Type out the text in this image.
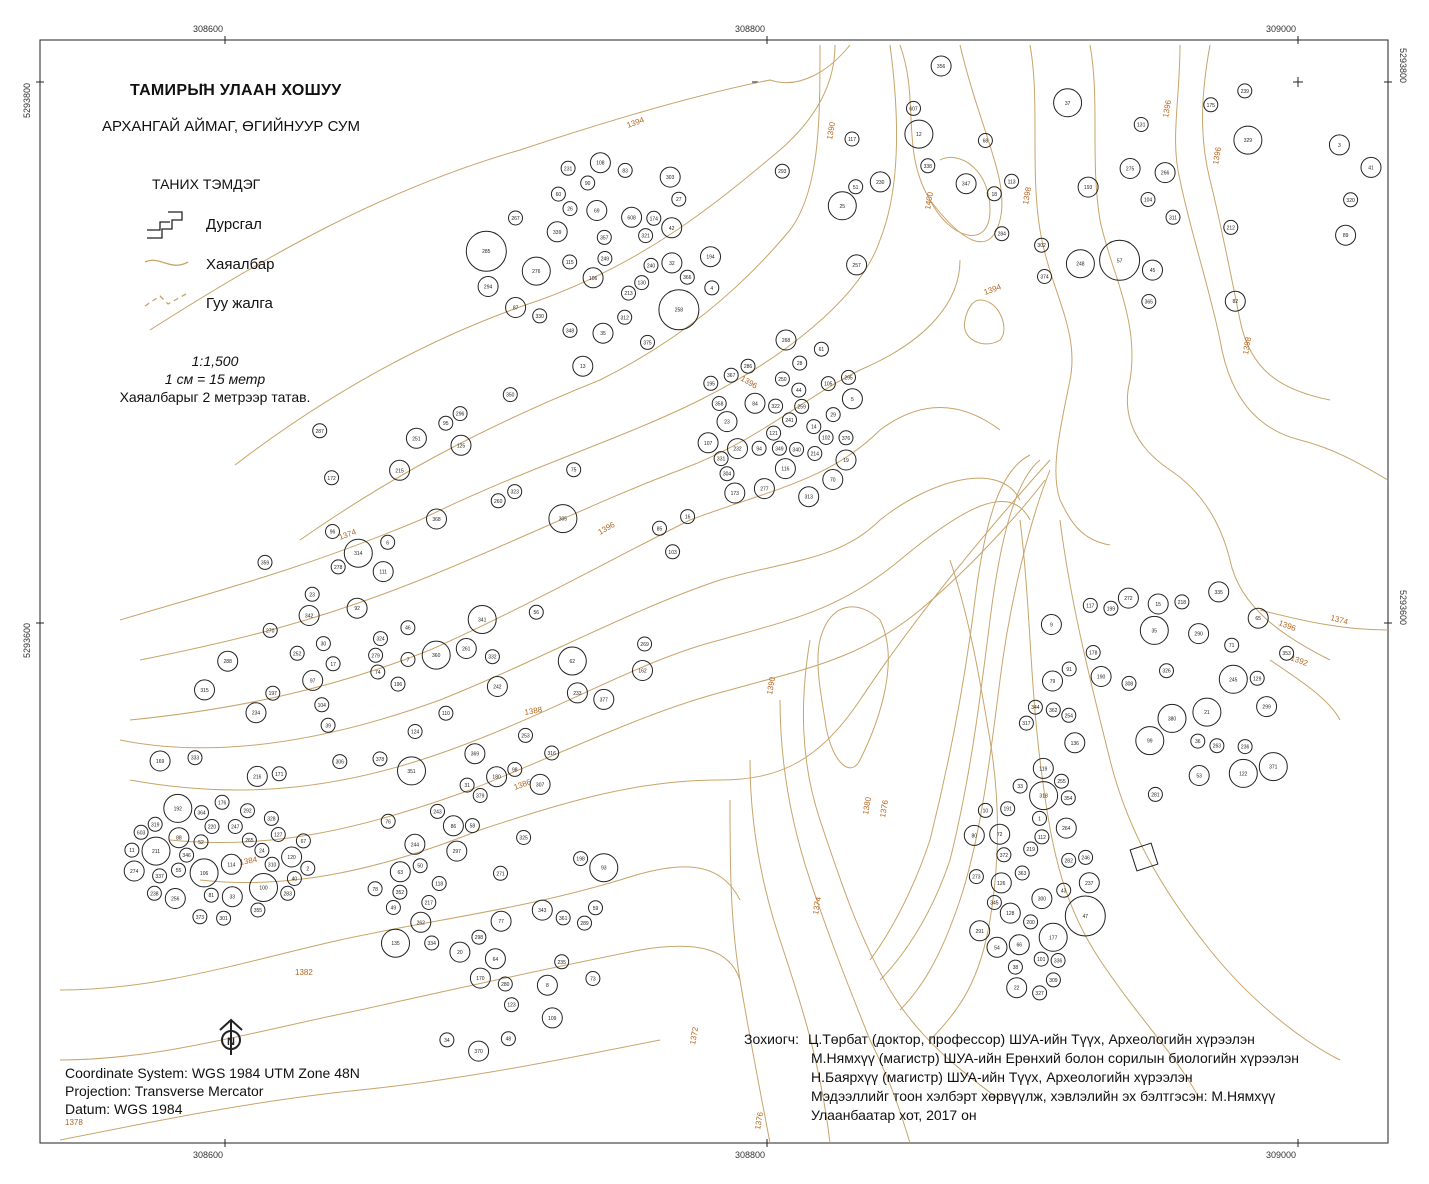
1394	1390
1400	1398
1394
1396
1396
1398
1396
1396
1396
1392
1390
1388
1386
1384
1382
1380 1376
1374
1372
1376
1378
1374
1374
51
35
19
92
39
48
91
47
100
45
26
29
96
74
73
71
72
52
18
87
23
23
78
93
15
43
33
37
32
107
111
110
109
117
112
114
113
115
116
56
58
59
35
33
106
104
106
105
162
169
135
136
119
120
117
108
102
103
104
118
129
128
127
131
130
121
125
124
123
122
126
81
82
83
84
85
86
180
178
177
176
175
174
173
172
171
170
190
191
192
193
194
195
196
197
198
199
200
211
212
213
214
215
216
217
218
219
220
230
231
232
233
234
235
236
237
238
239
240
241
242
243
244
245
246
247
248
249
250
251
252
253
254
255
256
257
258
259
260
261
262
263
264
265
266
267
268
269
270
271
272
273
274
275
276
277
278
279
280
281
282
283
284
285
286
287
288
289
290
291
292
293
294
295
296
297
298
299
300
301
302
303
304
305
306
307
308
309
310
311
312
313
314
315
316
317
318
319
320
321
322
323
324
325
326
327
328
329
330
331
332
333
334
335
336
337
338
339
340
341
342
343
344
345
346
347
348
349
350
351
352
353
354
355
356
357
358
359
360
361
362
363
364
365
366
367
368
369
370
371
372
373
374
375
376
377
378
379
380
1
2
3
4
5
6
7
8
9
10
11
12
13
14
16
17
20
21
22
24
25
27
28
30
31
34
36
38
40
41
42
44
46
49
50
53
54
55
57
60
61
62
63
64
65
66
67
68
69
70
75
76
77
79
80
88
89
90
94
95
97
98
99
101
603
607
608
N
ТАМИРЫ̆Н УЛААН ХОШУУ
АРХАНГАЙ АЙМАГ, ӨГИЙНУУР СУМ
ТАНИХ ТЭМДЭГ
Дурсгал
Хаяалбар
Гуу жалга
1:1,500
1 см = 15 метр
Хаяалбарыг 2 метрээр татав.
Coordinate System: WGS 1984 UTM Zone 48N
Projection: Transverse Mercator
Datum: WGS 1984
Зохиогч: Ц.Төрбат (доктор, профессор) ШУА-ийн Түүх, Археологийн хүрээлэн
М.Нямхүү (магистр) ШУА-ийн Ерөнхий болон сорилын биологийн хүрээлэн
Н.Баярхүү (магистр) ШУА-ийн Түүх, Археологийн хүрээлэн
Мэдээллийг тоон хэлбэрт хөрвүүлж, хэвлэлийн эх бэлтгэсэн: М.Нямхүү
Улаанбаатар хот, 2017 он
308600	308800	309000
308600	308800	309000
5293800
5293600
5293800
5293600
